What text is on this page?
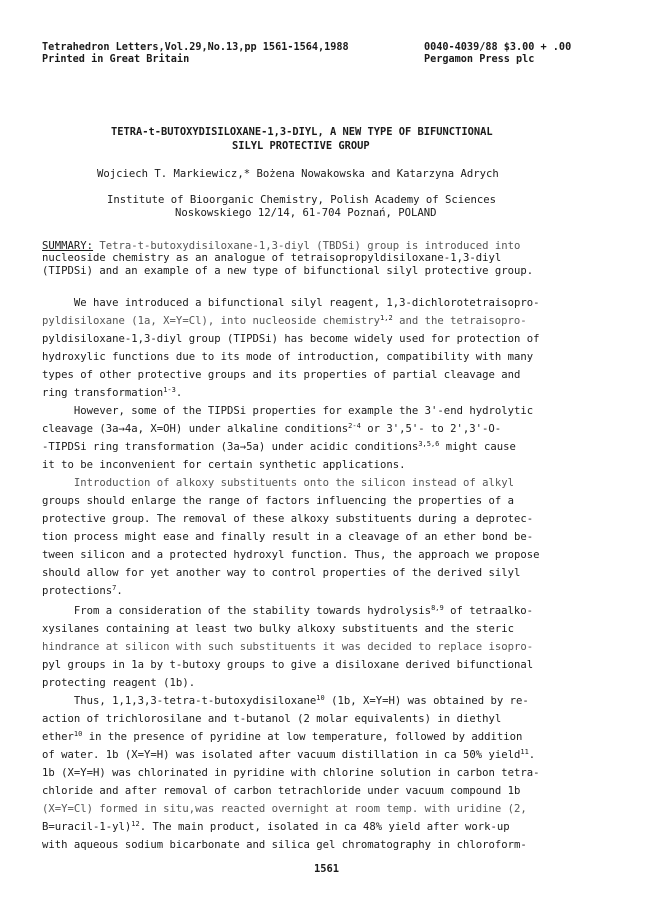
Tetrahedron Letters,Vol.29,No.13,pp 1561-1564,1988
Printed in Great Britain
0040-4039/88 $3.00 + .00
Pergamon Press plc
TETRA-t-BUTOXYDISILOXANE-1,3-DIYL, A NEW TYPE OF BIFUNCTIONAL
SILYL PROTECTIVE GROUP
Wojciech T. Markiewicz,* Bożena Nowakowska and Katarzyna Adrych
Institute of Bioorganic Chemistry, Polish Academy of Sciences
Noskowskiego 12/14, 61-704 Poznań, POLAND
SUMMARY: Tetra-t-butoxydisiloxane-1,3-diyl (TBDSi) group is introduced into
nucleoside chemistry as an analogue of tetraisopropyldisiloxane-1,3-diyl
(TIPDSi) and an example of a new type of bifunctional silyl protective group.
We have introduced a bifunctional silyl reagent, 1,3-dichlorotetraisopro-
pyldisiloxane (1a, X=Y=Cl), into nucleoside chemistry$^{1,2}$ and the tetraisopro-
pyldisiloxane-1,3-diyl group (TIPDSi) has become widely used for protection of
hydroxylic functions due to its mode of introduction, compatibility with many
types of other protective groups and its properties of partial cleavage and
ring transformation$^{1-3}$.
However, some of the TIPDSi properties for example the 3'-end hydrolytic
cleavage (3a→​4a, X=OH) under alkaline conditions$^{2-4}$ or 3',5'- to 2',3'-O-
-TIPDSi ring transformation (3a→​5a) under acidic conditions$^{3,5,6}$ might cause
it to be inconvenient for certain synthetic applications.
Introduction of alkoxy substituents onto the silicon instead of alkyl
groups should enlarge the range of factors influencing the properties of a
protective group. The removal of these alkoxy substituents during a deprotec-
tion process might ease and finally result in a cleavage of an ether bond be-
tween silicon and a protected hydroxyl function. Thus, the approach we propose
should allow for yet another way to control properties of the derived silyl
protections$^7$.
From a consideration of the stability towards hydrolysis$^{8,9}$ of tetraalko-
xysilanes containing at least two bulky alkoxy substituents and the steric
hindrance at silicon with such substituents it was decided to replace isopro-
pyl groups in 1a by t-butoxy groups to give a disiloxane derived bifunctional
protecting reagent (1b).
Thus, 1,1,3,3-tetra-t-butoxydisiloxane$^{10}$ (1b, X=Y=H) was obtained by re-
action of trichlorosilane and t-butanol (2 molar equivalents) in diethyl
ether$^{10}$ in the presence of pyridine at low temperature, followed by addition
of water. 1b (X=Y=H) was isolated after vacuum distillation in ca 50% yield$^{11}$.
1b (X=Y=H) was chlorinated in pyridine with chlorine solution in carbon tetra-
chloride and after removal of carbon tetrachloride under vacuum compound 1b
(X=Y=Cl) formed in situ,was reacted overnight at room temp. with uridine (2,
B=uracil-1-yl)$^{12}$. The main product, isolated in ca 48% yield after work-up
with aqueous sodium bicarbonate and silica gel chromatography in chloroform-
1561
